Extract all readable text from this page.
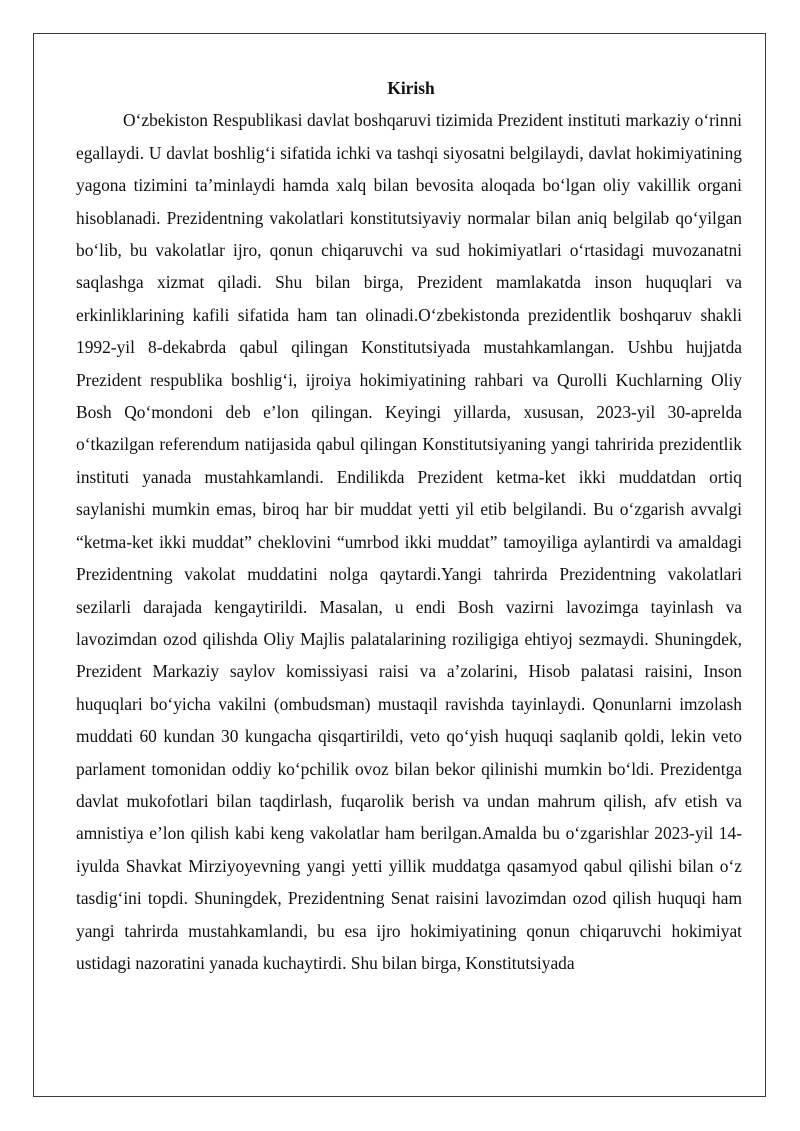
Kirish

O‘zbekiston Respublikasi davlat boshqaruvi tizimida Prezident instituti markaziy o‘rinni egallaydi. U davlat boshlig‘i sifatida ichki va tashqi siyosatni belgilaydi, davlat hokimiyatining yagona tizimini ta’minlaydi hamda xalq bilan bevosita aloqada bo‘lgan oliy vakillik organi hisoblanadi. Prezidentning vakolatlari konstitutsiyaviy normalar bilan aniq belgilab qo‘yilgan bo‘lib, bu vakolatlar ijro, qonun chiqaruvchi va sud hokimiyatlari o‘rtasidagi muvozanatni saqlashga xizmat qiladi. Shu bilan birga, Prezident mamlakatda inson huquqlari va erkinliklarining kafili sifatida ham tan olinadi.O‘zbekistonda prezidentlik boshqaruv shakli 1992-yil 8-dekabrda qabul qilingan Konstitutsiyada mustahkamlangan. Ushbu hujjatda Prezident respublika boshlig‘i, ijroiya hokimiyatining rahbari va Qurolli Kuchlarning Oliy Bosh Qo‘mondoni deb e’lon qilingan. Keyingi yillarda, xususan, 2023-yil 30-aprelda o‘tkazilgan referendum natijasida qabul qilingan Konstitutsiyaning yangi tahririda prezidentlik instituti yanada mustahkamlandi. Endilikda Prezident ketma-ket ikki muddatdan ortiq saylanishi mumkin emas, biroq har bir muddat yetti yil etib belgilandi. Bu o‘zgarish avvalgi “ketma-ket ikki muddat” cheklovini “umrbod ikki muddat” tamoyiliga aylantirdi va amaldagi Prezidentning vakolat muddatini nolga qaytardi.Yangi tahrirda Prezidentning vakolatlari sezilarli darajada kengaytirildi. Masalan, u endi Bosh vazirni lavozimga tayinlash va lavozimdan ozod qilishda Oliy Majlis palatalarining roziligiga ehtiyoj sezmaydi. Shuningdek, Prezident Markaziy saylov komissiyasi raisi va a’zolarini, Hisob palatasi raisini, Inson huquqlari bo‘yicha vakilni (ombudsman) mustaqil ravishda tayinlaydi. Qonunlarni imzolash muddati 60 kundan 30 kungacha qisqartirildi, veto qo‘yish huquqi saqlanib qoldi, lekin veto parlament tomonidan oddiy ko‘pchilik ovoz bilan bekor qilinishi mumkin bo‘ldi. Prezidentga davlat mukofotlari bilan taqdirlash, fuqarolik berish va undan mahrum qilish, afv etish va amnistiya e’lon qilish kabi keng vakolatlar ham berilgan.Amalda bu o‘zgarishlar 2023-yil 14-iyulda Shavkat Mirziyoyevning yangi yetti yillik muddatga qasamyod qabul qilishi bilan o‘z tasdig‘ini topdi. Shuningdek, Prezidentning Senat raisini lavozimdan ozod qilish huquqi ham yangi tahrirda mustahkamlandi, bu esa ijro hokimiyatining qonun chiqaruvchi hokimiyat ustidagi nazoratini yanada kuchaytirdi. Shu bilan birga, Konstitutsiyada
